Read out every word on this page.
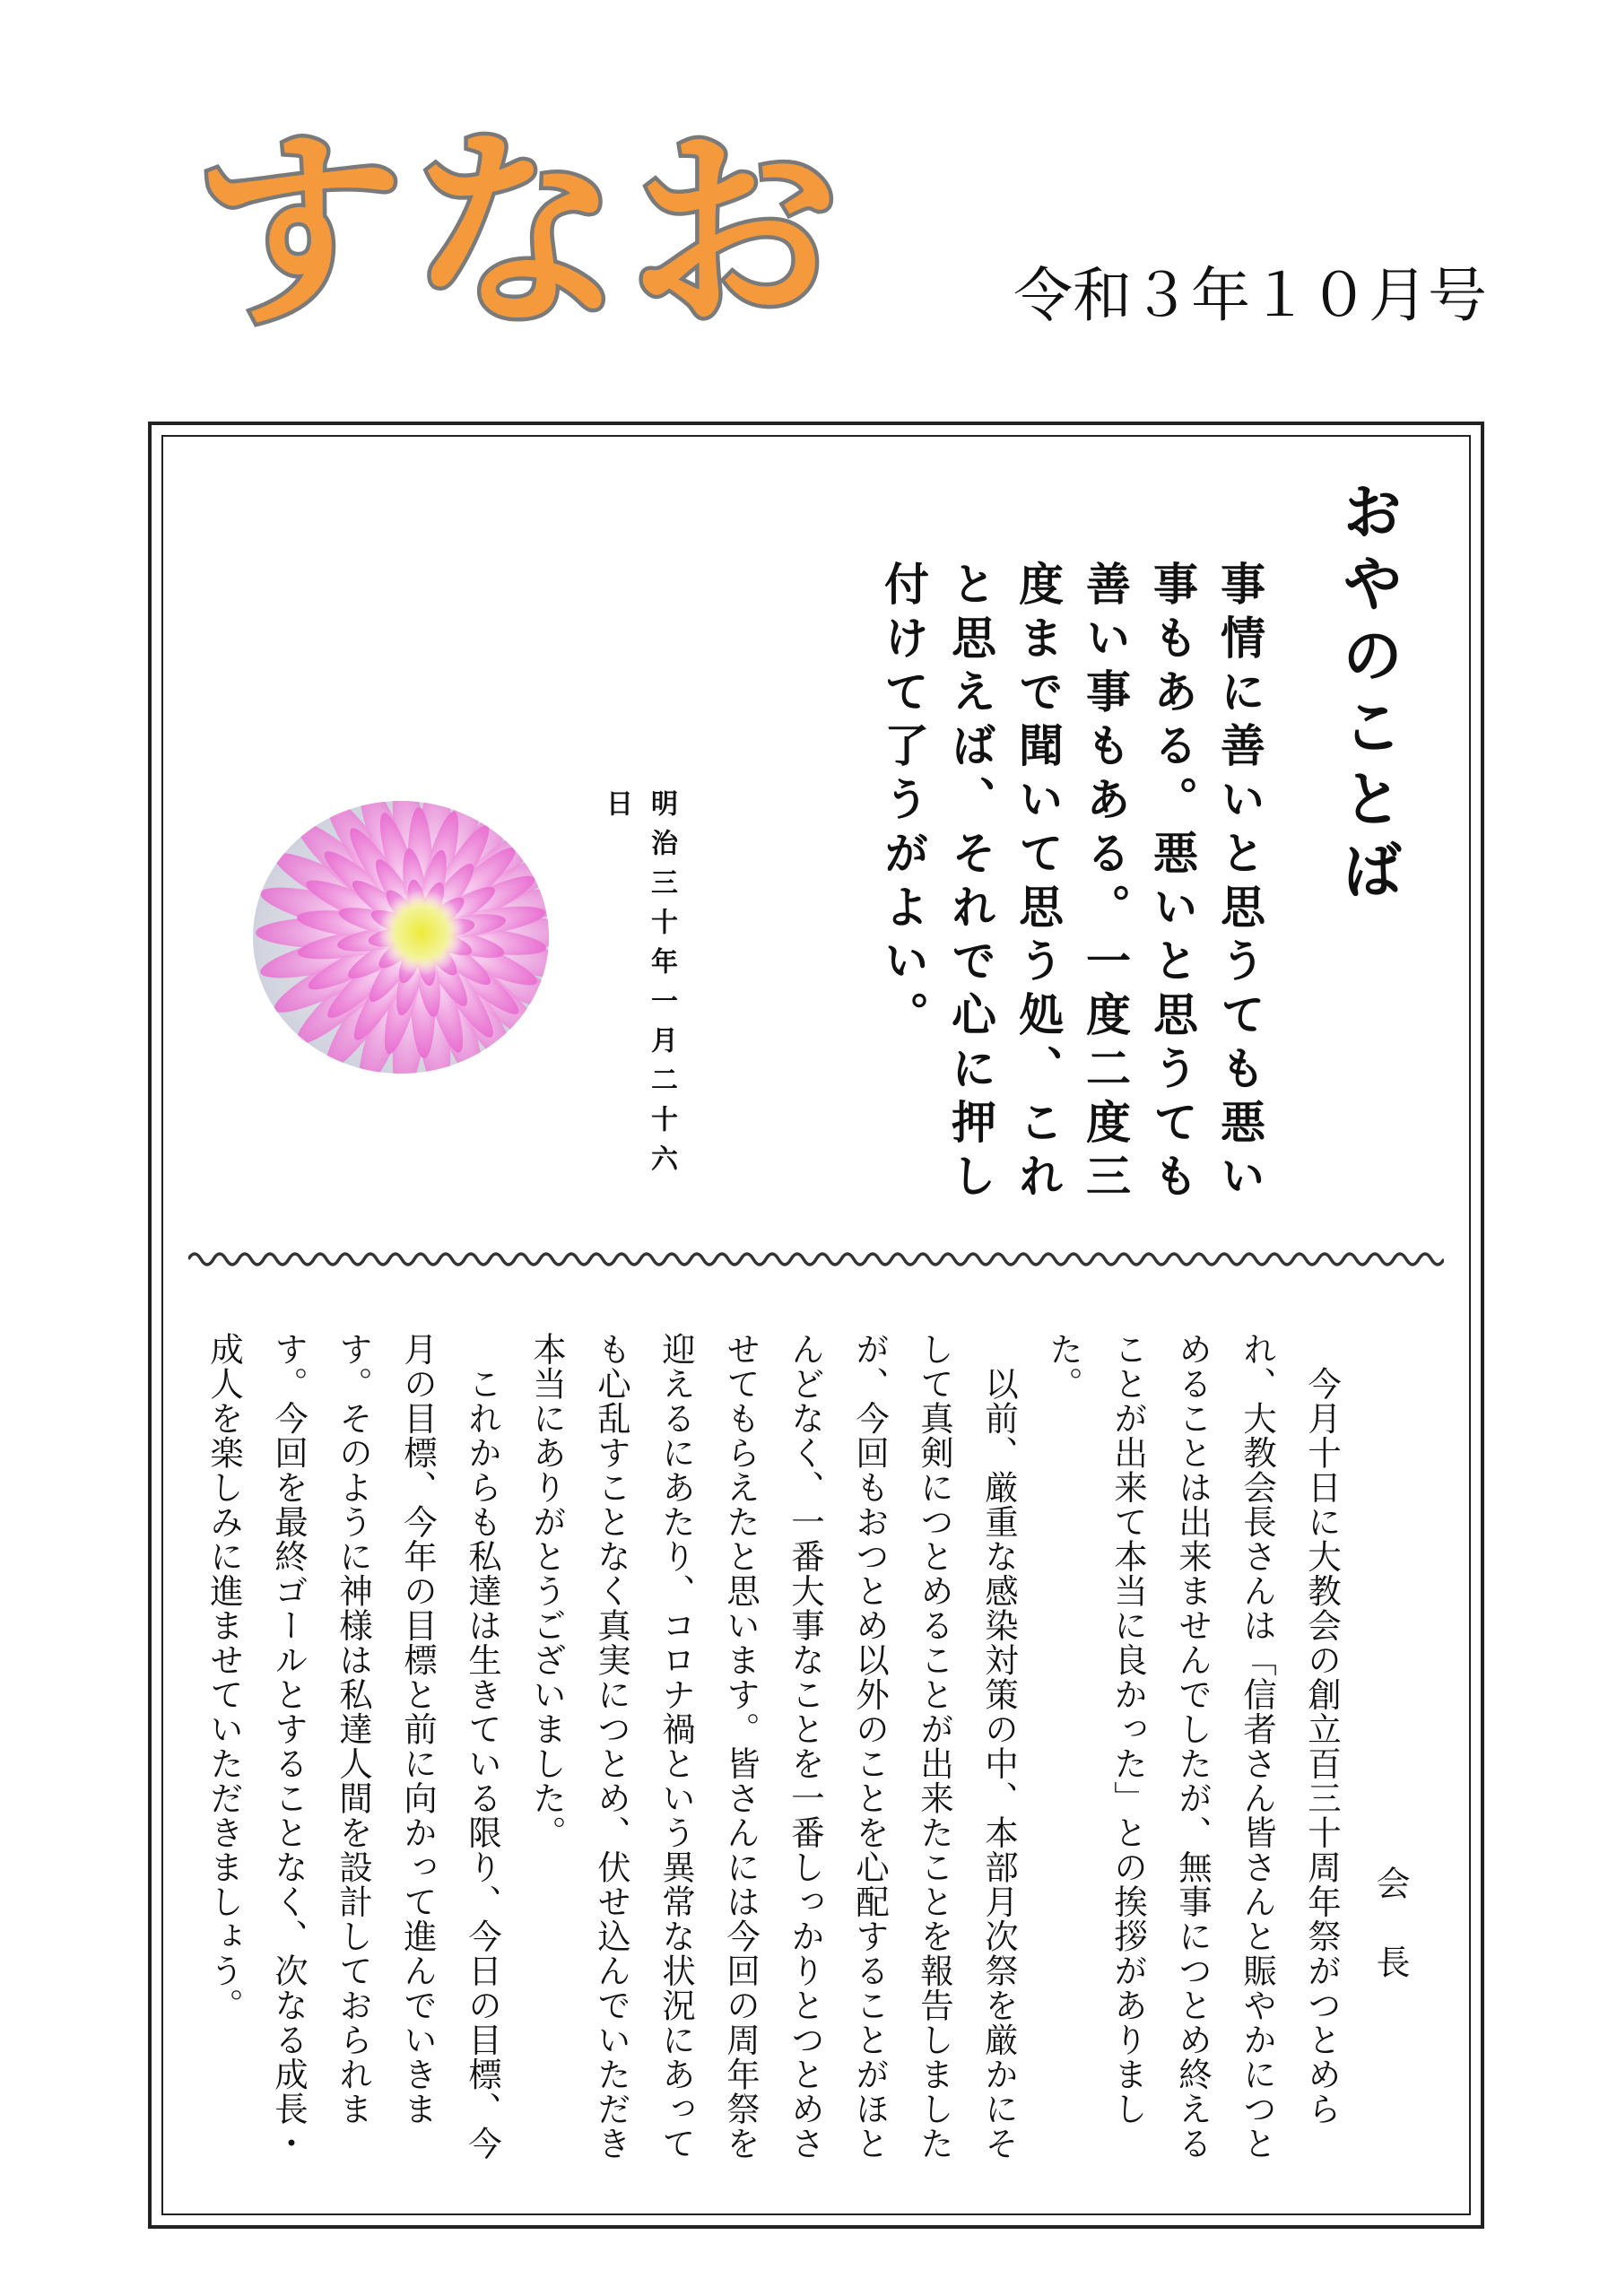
すなお	令和３年１０月号
おやのことば
事情に善いと思うても悪い事もある。悪いと思うても善い事もある。一度二度三度まで聞いて思う処、これと思えば、それで心に押し付けて了うがよい。
明治三十年一月二十六日
会長

　今月十日に大教会の創立百三十周年祭がつとめられ、大教会長さんは「信者さん皆さんと賑やかにつとめることは出来ませんでしたが、無事につとめ終えることが出来て本当に良かった」との挨拶がありました。

　以前、厳重な感染対策の中、本部月次祭を厳かにそして真剣につとめることが出来たことを報告しましたが、今回もおつとめ以外のことを心配することがほとんどなく、一番大事なことを一番しっかりとつとめさせてもらえたと思います。皆さんには今回の周年祭を迎えるにあたり、コロナ禍という異常な状況にあっても心乱すことなく真実につとめ、伏せ込んでいただき本当にありがとうございました。

　これからも私達は生きている限り、今日の目標、今月の目標、今年の目標と前に向かって進んでいきます。そのように神様は私達人間を設計しておられます。今回を最終ゴールとすることなく、次なる成長・成人を楽しみに進ませていただきましょう。
